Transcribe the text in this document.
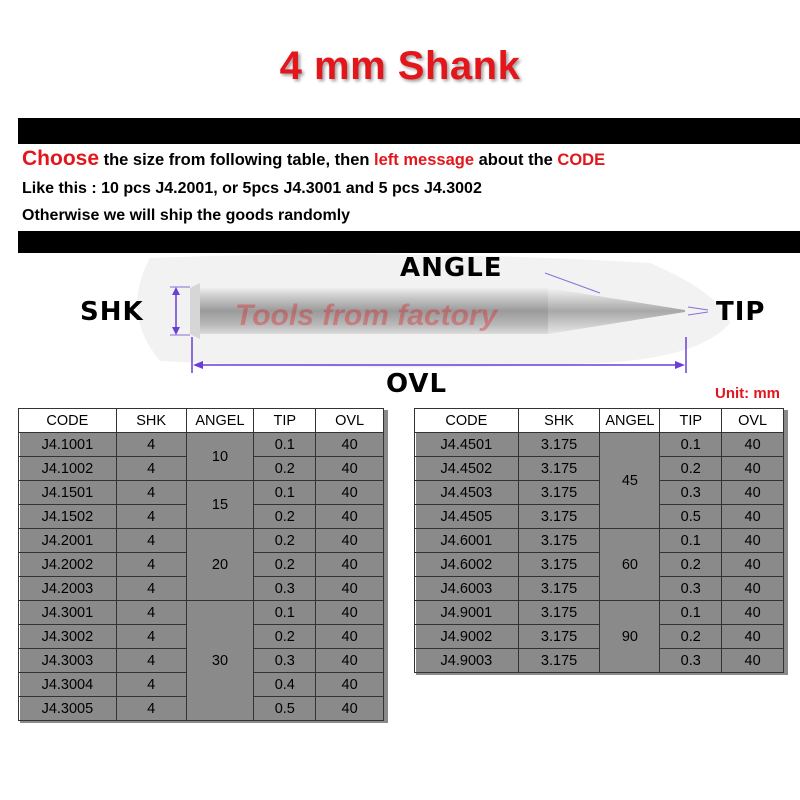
4 mm Shank
Choose the size from following table, then left message about the CODE
Like this : 10 pcs J4.2001, or 5pcs J4.3001 and 5 pcs J4.3002
Otherwise we will ship the goods randomly
Tools from factory
ANGLE
SHK	TIP
OVL	Unit: mm
CODE	SHK	ANGEL	TIP	OVL
J4.1001	4	10	0.1	40
J4.1002	4		0.2	40
J4.1501	4	15	0.1	40
J4.1502	4		0.2	40
J4.2001	4	20	0.2	40
J4.2002	4		0.2	40
J4.2003	4		0.3	40
J4.3001	4	30	0.1	40
J4.3002	4		0.2	40
J4.3003	4		0.3	40
J4.3004	4		0.4	40
J4.3005	4		0.5	40
CODE	SHK	ANGEL	TIP	OVL
J4.4501	3.175	45	0.1	40
J4.4502	3.175		0.2	40
J4.4503	3.175		0.3	40
J4.4505	3.175		0.5	40
J4.6001	3.175	60	0.1	40
J4.6002	3.175		0.2	40
J4.6003	3.175		0.3	40
J4.9001	3.175	90	0.1	40
J4.9002	3.175		0.2	40
J4.9003	3.175		0.3	40
